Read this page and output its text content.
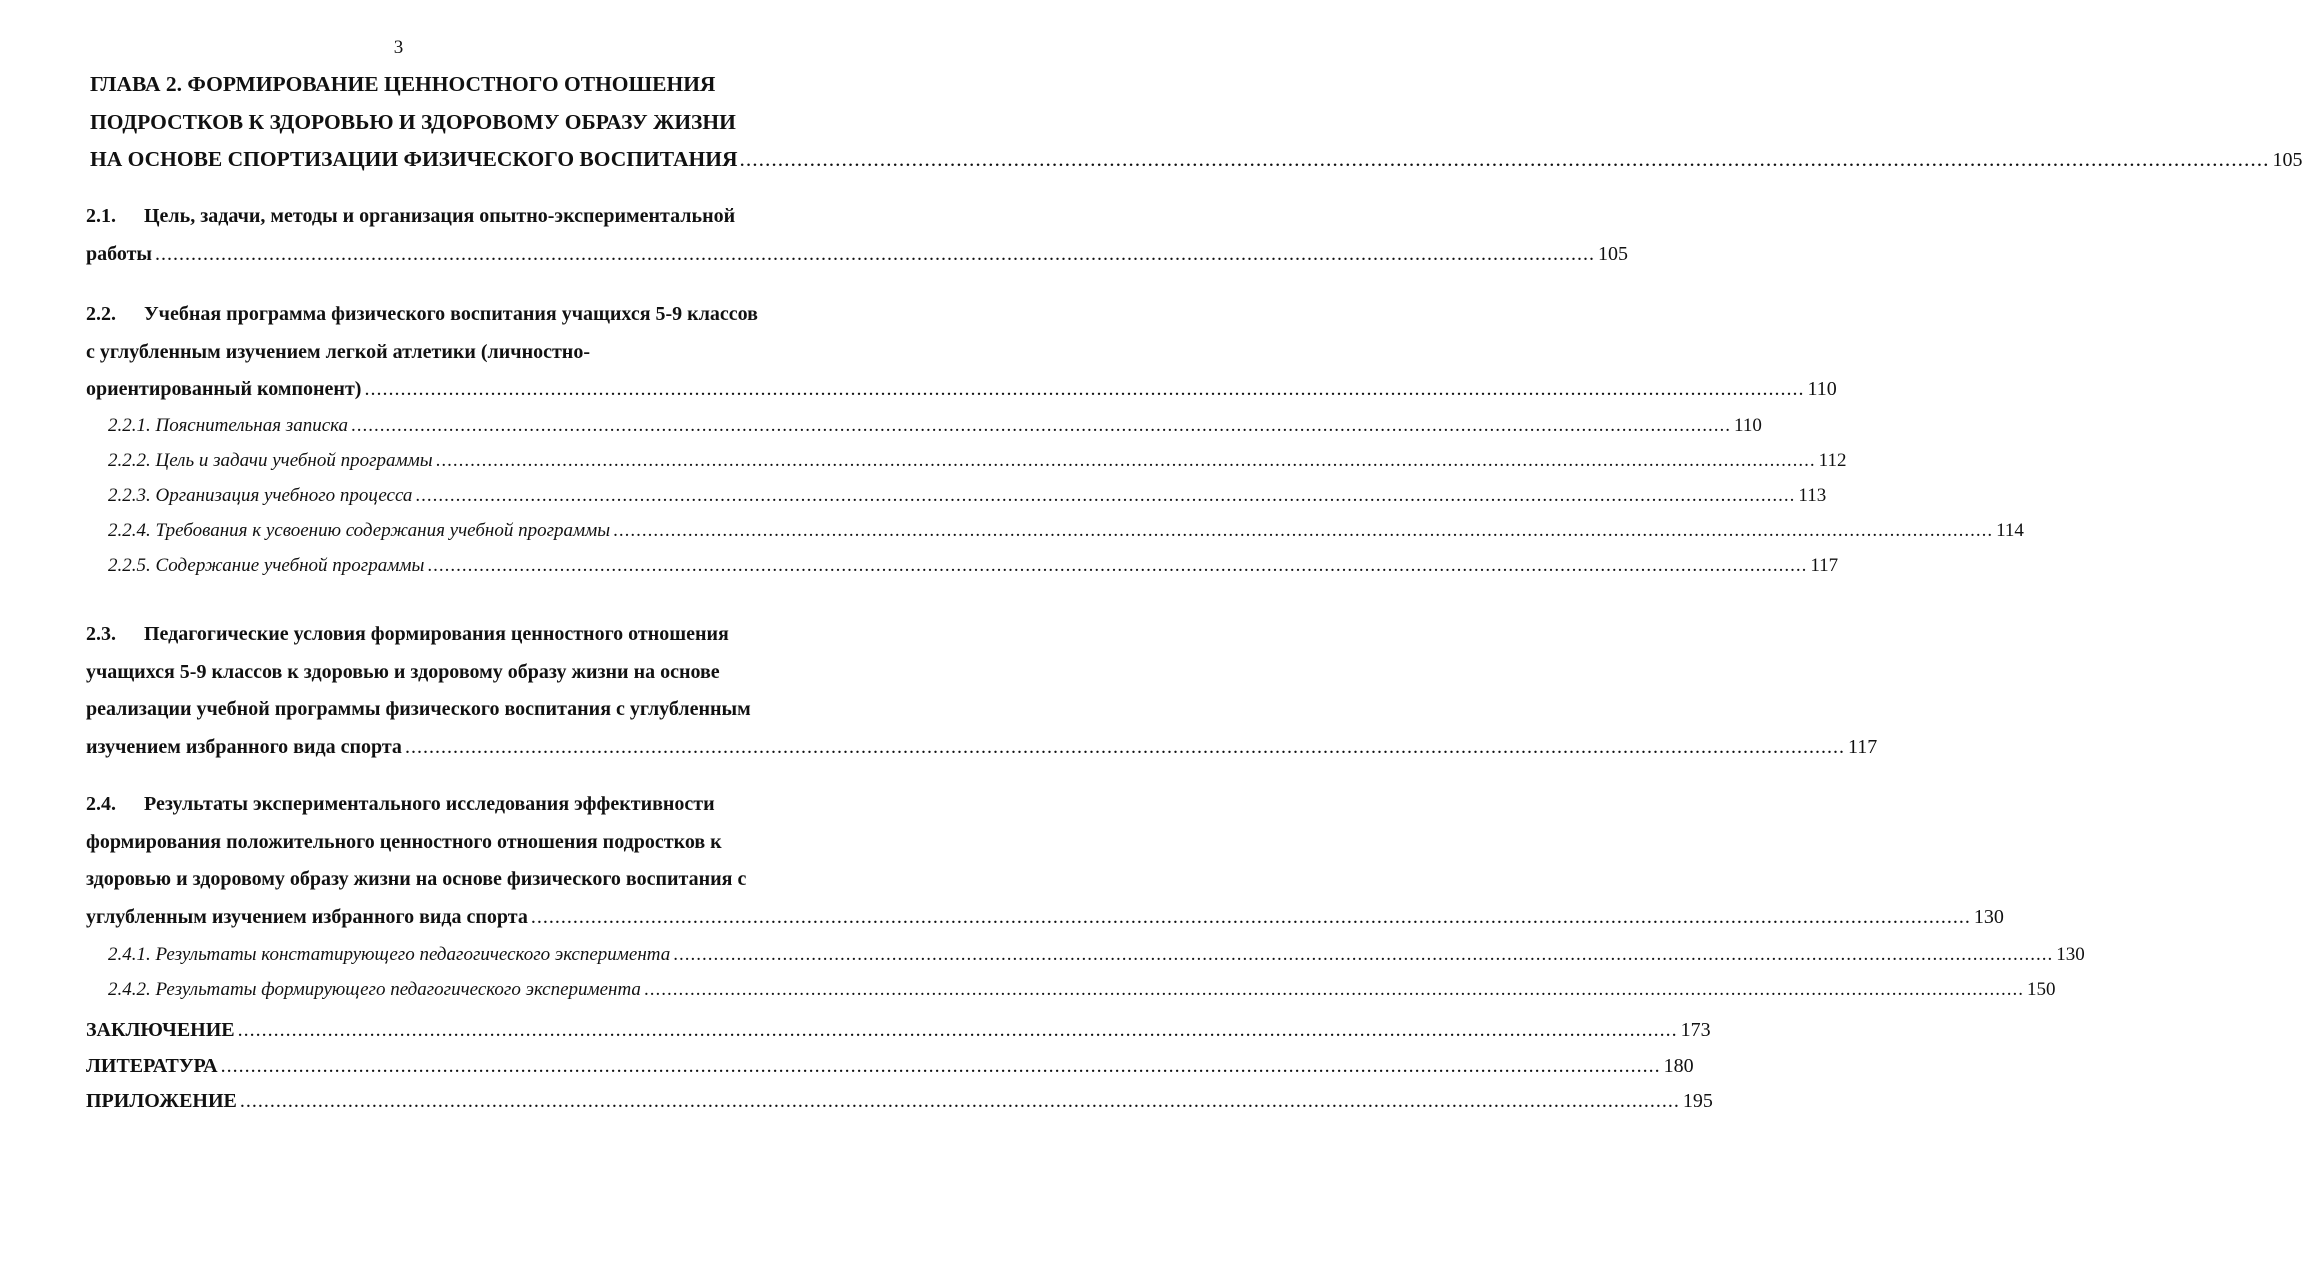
3
ГЛАВА 2. ФОРМИРОВАНИЕ ЦЕННОСТНОГО ОТНОШЕНИЯ
ПОДРОСТКОВ К ЗДОРОВЬЮ И ЗДОРОВОМУ ОБРАЗУ ЖИЗНИ
НА ОСНОВЕ СПОРТИЗАЦИИ ФИЗИЧЕСКОГО ВОСПИТАНИЯ .....	105
2.1.	Цель, задачи, методы и организация опытно-экспериментальной
работы .....	105
2.2.	Учебная программа физического воспитания учащихся 5-9 классов
с углубленным изучением легкой атлетики (личностно-
ориентированный компонент) .....	110
2.2.1. Пояснительная записка .....	110
2.2.2. Цель и задачи учебной программы .....	112
2.2.3. Организация учебного процесса .....	113
2.2.4. Требования к усвоению содержания учебной программы .....	114
2.2.5. Содержание учебной программы .....	117
2.3.	Педагогические условия формирования ценностного отношения
учащихся 5-9 классов к здоровью и здоровому образу жизни на основе
реализации учебной программы физического воспитания с углубленным
изучением избранного вида спорта .....	117
2.4.	Результаты экспериментального исследования эффективности
формирования положительного ценностного отношения подростков к
здоровью и здоровому образу жизни на основе физического воспитания с
углубленным изучением избранного вида спорта .....	130
2.4.1. Результаты констатирующего педагогического эксперимента .....	130
2.4.2. Результаты формирующего педагогического эксперимента .....	150
ЗАКЛЮЧЕНИЕ .....	173
ЛИТЕРАТУРА .....	180
ПРИЛОЖЕНИЕ .....	195
